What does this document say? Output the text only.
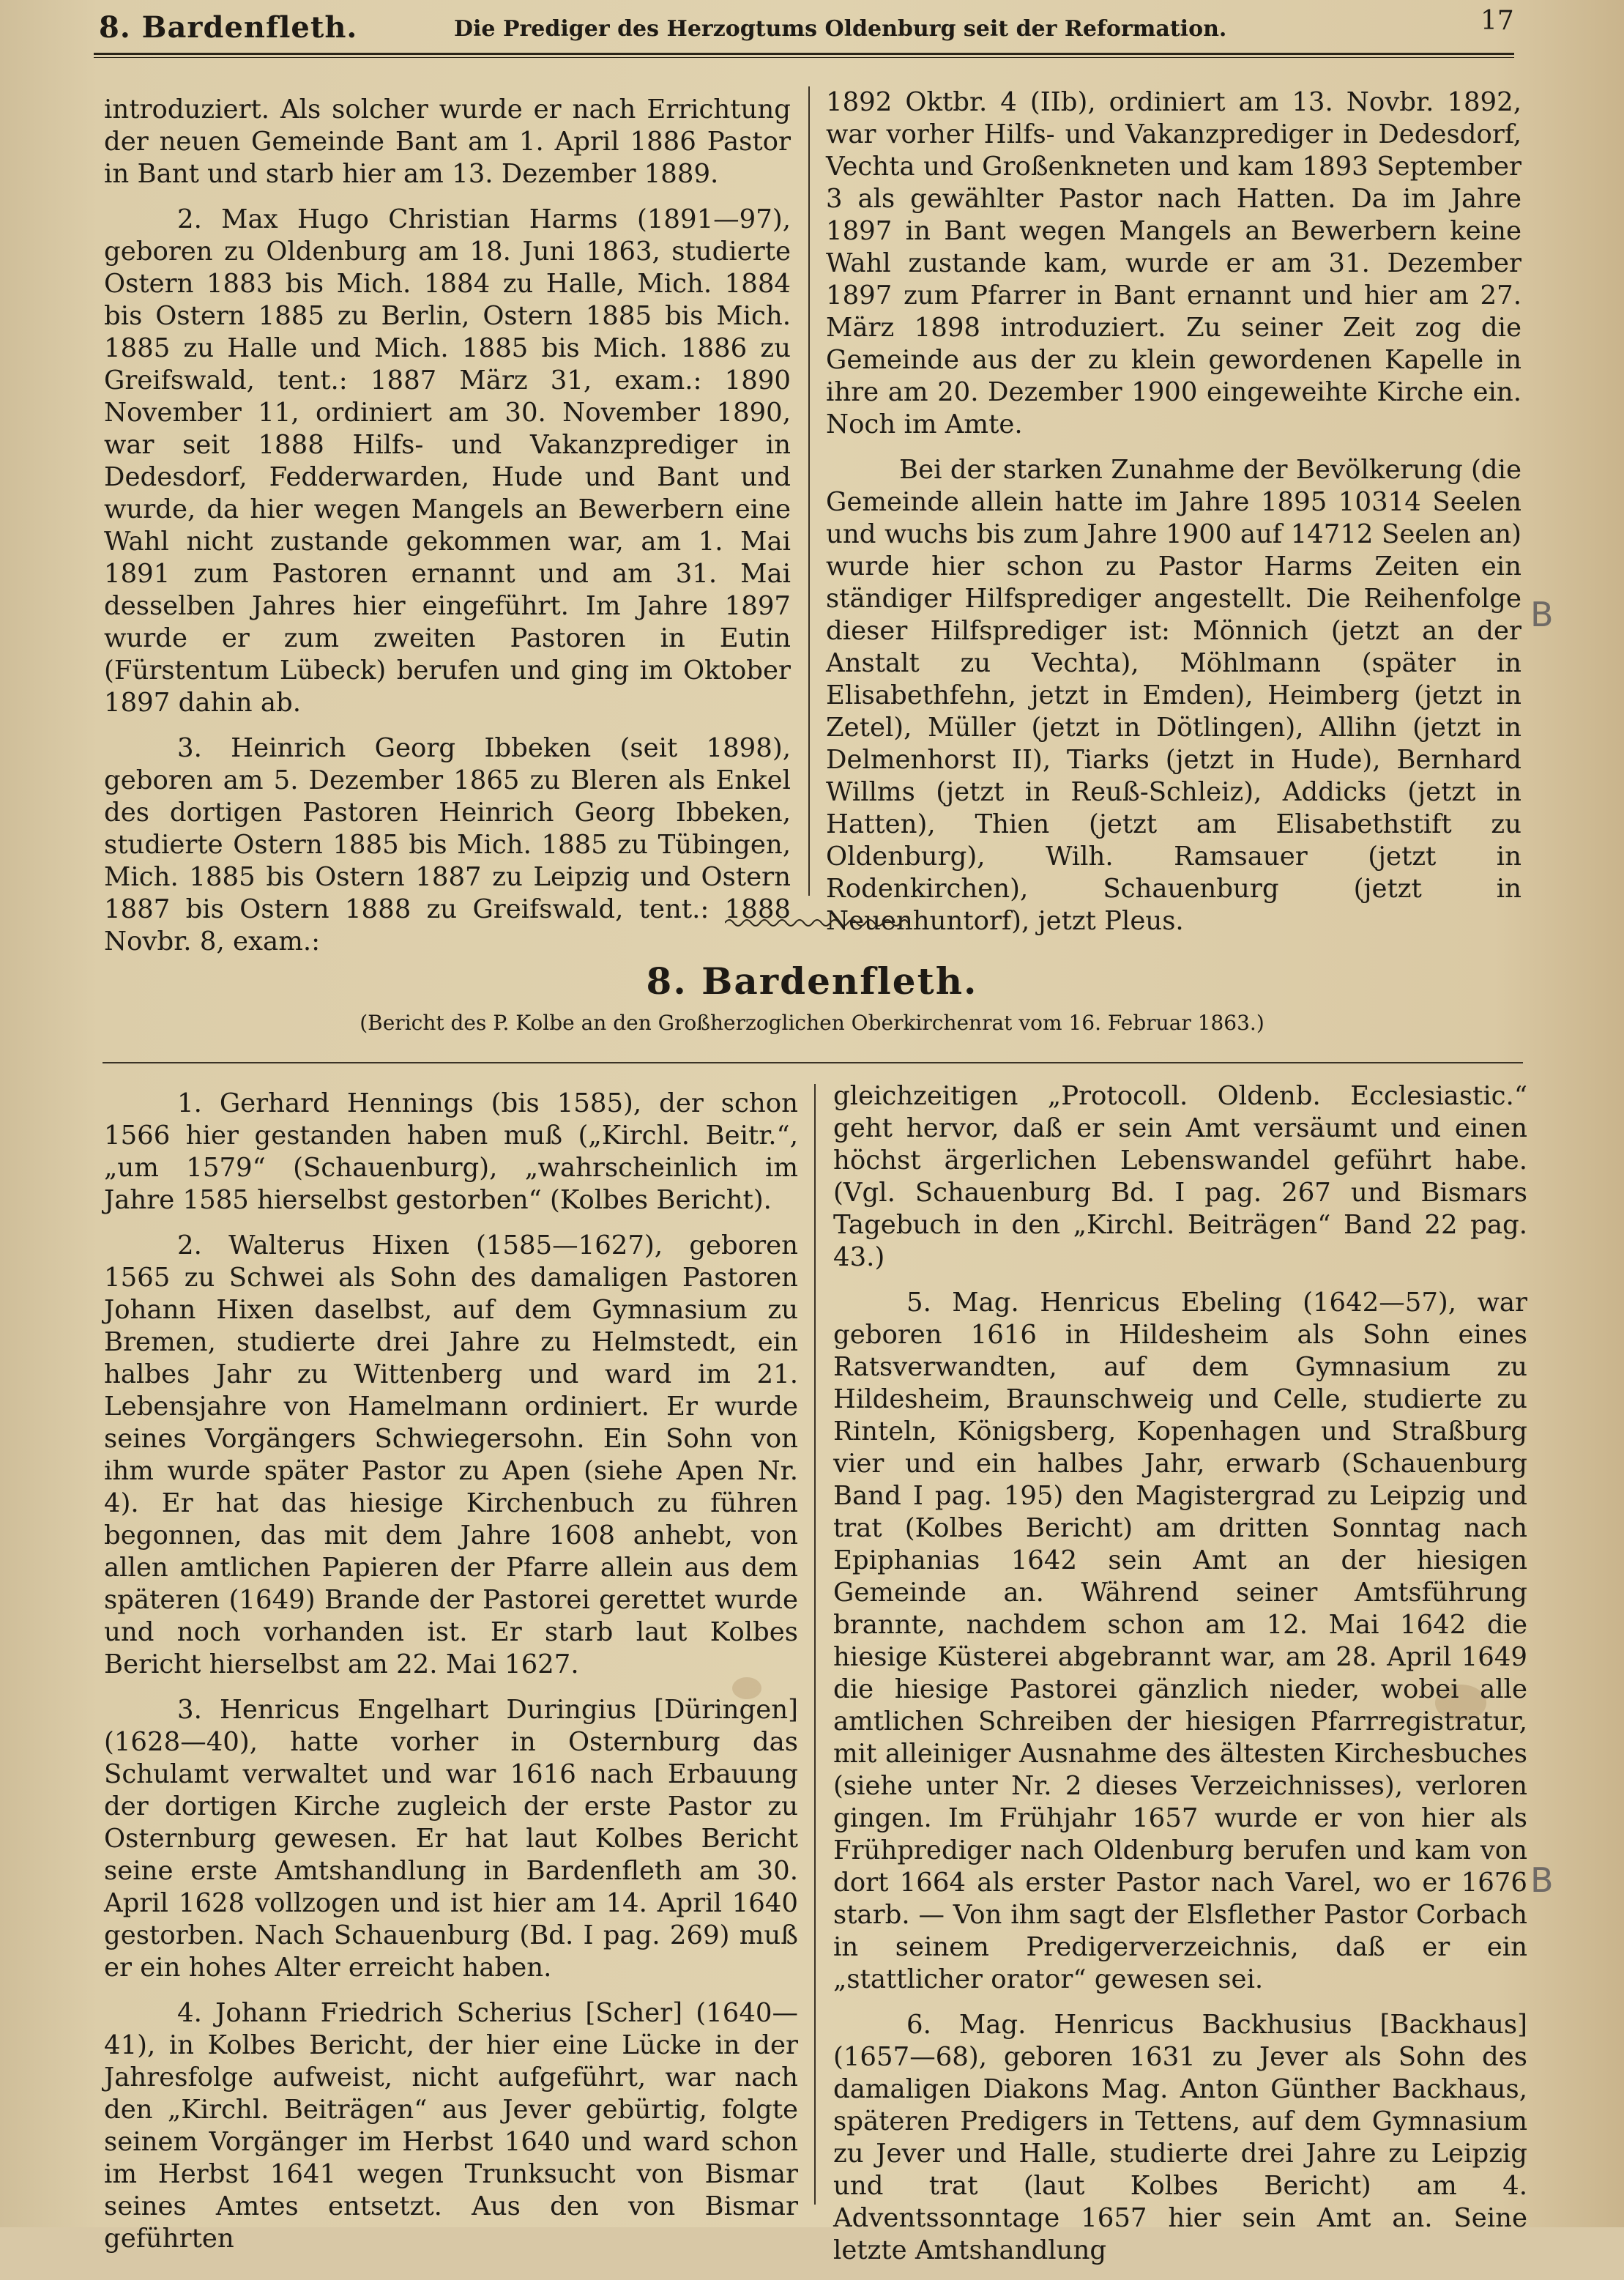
8. Bardenfleth.	Die Prediger des Herzogtums Oldenburg seit der Reformation.	17

introduziert. Als solcher wurde er nach Errichtung der neuen Gemeinde Bant am 1. April 1886 Pastor in Bant und starb hier am 13. Dezember 1889.

2. Max Hugo Christian Harms (1891—97), geboren zu Oldenburg am 18. Juni 1863, studierte Ostern 1883 bis Mich. 1884 zu Halle, Mich. 1884 bis Ostern 1885 zu Berlin, Ostern 1885 bis Mich. 1885 zu Halle und Mich. 1885 bis Mich. 1886 zu Greifswald, tent.: 1887 März 31, exam.: 1890 November 11, ordiniert am 30. November 1890, war seit 1888 Hilfs- und Vakanzprediger in Dedesdorf, Fedderwarden, Hude und Bant und wurde, da hier wegen Mangels an Bewerbern eine Wahl nicht zustande gekommen war, am 1. Mai 1891 zum Pastoren ernannt und am 31. Mai desselben Jahres hier eingeführt. Im Jahre 1897 wurde er zum zweiten Pastoren in Eutin (Fürstentum Lübeck) berufen und ging im Oktober 1897 dahin ab.

3. Heinrich Georg Ibbeken (seit 1898), geboren am 5. Dezember 1865 zu Bleren als Enkel des dortigen Pastoren Heinrich Georg Ibbeken, studierte Ostern 1885 bis Mich. 1885 zu Tübingen, Mich. 1885 bis Ostern 1887 zu Leipzig und Ostern 1887 bis Ostern 1888 zu Greifswald, tent.: 1888 Novbr. 8, exam.:

1892 Oktbr. 4 (IIb), ordiniert am 13. Novbr. 1892, war vorher Hilfs- und Vakanzprediger in Dedesdorf, Vechta und Großenkneten und kam 1893 September 3 als gewählter Pastor nach Hatten. Da im Jahre 1897 in Bant wegen Mangels an Bewerbern keine Wahl zustande kam, wurde er am 31. Dezember 1897 zum Pfarrer in Bant ernannt und hier am 27. März 1898 introduziert. Zu seiner Zeit zog die Gemeinde aus der zu klein gewordenen Kapelle in ihre am 20. Dezember 1900 eingeweihte Kirche ein. Noch im Amte.

Bei der starken Zunahme der Bevölkerung (die Gemeinde allein hatte im Jahre 1895 10314 Seelen und wuchs bis zum Jahre 1900 auf 14712 Seelen an) wurde hier schon zu Pastor Harms Zeiten ein ständiger Hilfsprediger angestellt. Die Reihenfolge dieser Hilfsprediger ist: Mönnich (jetzt an der Anstalt zu Vechta), Möhlmann (später in Elisabethfehn, jetzt in Emden), Heimberg (jetzt in Zetel), Müller (jetzt in Dötlingen), Allihn (jetzt in Delmenhorst II), Tiarks (jetzt in Hude), Bernhard Willms (jetzt in Reuß-Schleiz), Addicks (jetzt in Hatten), Thien (jetzt am Elisabethstift zu Oldenburg), Wilh. Ramsauer (jetzt in Rodenkirchen), Schauenburg (jetzt in Neuenhuntorf), jetzt Pleus.

8. Bardenfleth.
(Bericht des P. Kolbe an den Großherzoglichen Oberkirchenrat vom 16. Februar 1863.)

1. Gerhard Hennings (bis 1585), der schon 1566 hier gestanden haben muß („Kirchl. Beitr.“, „um 1579“ (Schauenburg), „wahrscheinlich im Jahre 1585 hierselbst gestorben“ (Kolbes Bericht).

2. Walterus Hixen (1585—1627), geboren 1565 zu Schwei als Sohn des damaligen Pastoren Johann Hixen daselbst, auf dem Gymnasium zu Bremen, studierte drei Jahre zu Helmstedt, ein halbes Jahr zu Wittenberg und ward im 21. Lebensjahre von Hamelmann ordiniert. Er wurde seines Vorgängers Schwiegersohn. Ein Sohn von ihm wurde später Pastor zu Apen (siehe Apen Nr. 4). Er hat das hiesige Kirchenbuch zu führen begonnen, das mit dem Jahre 1608 anhebt, von allen amtlichen Papieren der Pfarre allein aus dem späteren (1649) Brande der Pastorei gerettet wurde und noch vorhanden ist. Er starb laut Kolbes Bericht hierselbst am 22. Mai 1627.

3. Henricus Engelhart Duringius [Düringen] (1628—40), hatte vorher in Osternburg das Schulamt verwaltet und war 1616 nach Erbauung der dortigen Kirche zugleich der erste Pastor zu Osternburg gewesen. Er hat laut Kolbes Bericht seine erste Amtshandlung in Bardenfleth am 30. April 1628 vollzogen und ist hier am 14. April 1640 gestorben. Nach Schauenburg (Bd. I pag. 269) muß er ein hohes Alter erreicht haben.

4. Johann Friedrich Scherius [Scher] (1640—41), in Kolbes Bericht, der hier eine Lücke in der Jahresfolge aufweist, nicht aufgeführt, war nach den „Kirchl. Beiträgen“ aus Jever gebürtig, folgte seinem Vorgänger im Herbst 1640 und ward schon im Herbst 1641 wegen Trunksucht von Bismar seines Amtes entsetzt. Aus den von Bismar geführten

gleichzeitigen „Protocoll. Oldenb. Ecclesiastic.“ geht hervor, daß er sein Amt versäumt und einen höchst ärgerlichen Lebenswandel geführt habe. (Vgl. Schauenburg Bd. I pag. 267 und Bismars Tagebuch in den „Kirchl. Beiträgen“ Band 22 pag. 43.)

5. Mag. Henricus Ebeling (1642—57), war geboren 1616 in Hildesheim als Sohn eines Ratsverwandten, auf dem Gymnasium zu Hildesheim, Braunschweig und Celle, studierte zu Rinteln, Königsberg, Kopenhagen und Straßburg vier und ein halbes Jahr, erwarb (Schauenburg Band I pag. 195) den Magistergrad zu Leipzig und trat (Kolbes Bericht) am dritten Sonntag nach Epiphanias 1642 sein Amt an der hiesigen Gemeinde an. Während seiner Amtsführung brannte, nachdem schon am 12. Mai 1642 die hiesige Küsterei abgebrannt war, am 28. April 1649 die hiesige Pastorei gänzlich nieder, wobei alle amtlichen Schreiben der hiesigen Pfarrregistratur, mit alleiniger Ausnahme des ältesten Kirchesbuches (siehe unter Nr. 2 dieses Verzeichnisses), verloren gingen. Im Frühjahr 1657 wurde er von hier als Frühprediger nach Oldenburg berufen und kam von dort 1664 als erster Pastor nach Varel, wo er 1676 starb. — Von ihm sagt der Elsflether Pastor Corbach in seinem Predigerverzeichnis, daß er ein „stattlicher orator“ gewesen sei.

6. Mag. Henricus Backhusius [Backhaus] (1657—68), geboren 1631 zu Jever als Sohn des damaligen Diakons Mag. Anton Günther Backhaus, späteren Predigers in Tettens, auf dem Gymnasium zu Jever und Halle, studierte drei Jahre zu Leipzig und trat (laut Kolbes Bericht) am 4. Adventssonntage 1657 hier sein Amt an. Seine letzte Amtshandlung

B
B
